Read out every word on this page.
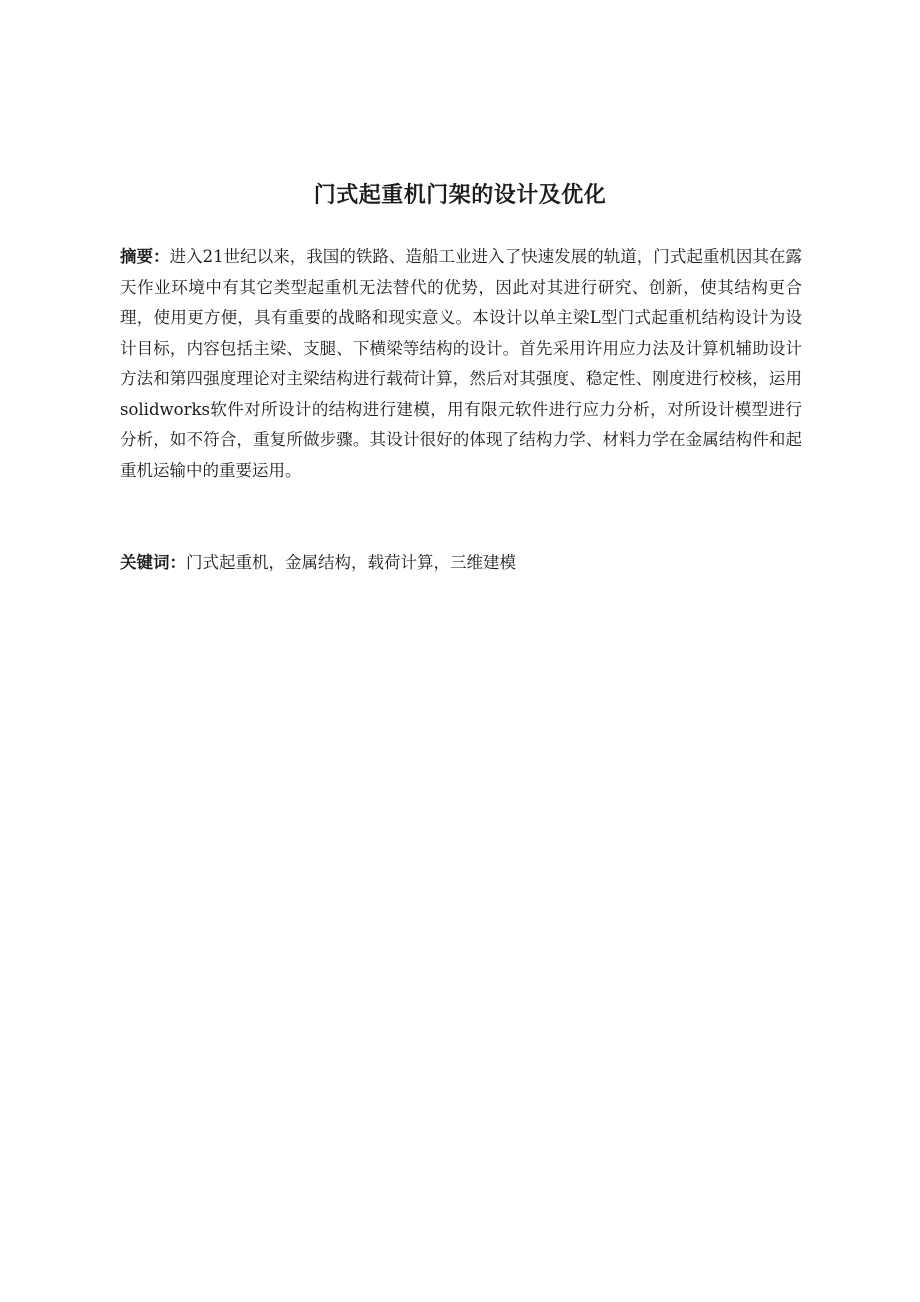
门式起重机门架的设计及优化
摘要：进入21世纪以来，我国的铁路、造船工业进入了快速发展的轨道，门式起重机因其在露天作业环境中有其它类型起重机无法替代的优势，因此对其进行研究、创新，使其结构更合理，使用更方便，具有重要的战略和现实意义。本设计以单主梁L型门式起重机结构设计为设计目标，内容包括主梁、支腿、下横梁等结构的设计。首先采用许用应力法及计算机辅助设计方法和第四强度理论对主梁结构进行载荷计算，然后对其强度、稳定性、刚度进行校核，运用solidworks软件对所设计的结构进行建模，用有限元软件进行应力分析，对所设计模型进行分析，如不符合，重复所做步骤。其设计很好的体现了结构力学、材料力学在金属结构件和起重机运输中的重要运用。
关键词：门式起重机，金属结构，载荷计算，三维建模
